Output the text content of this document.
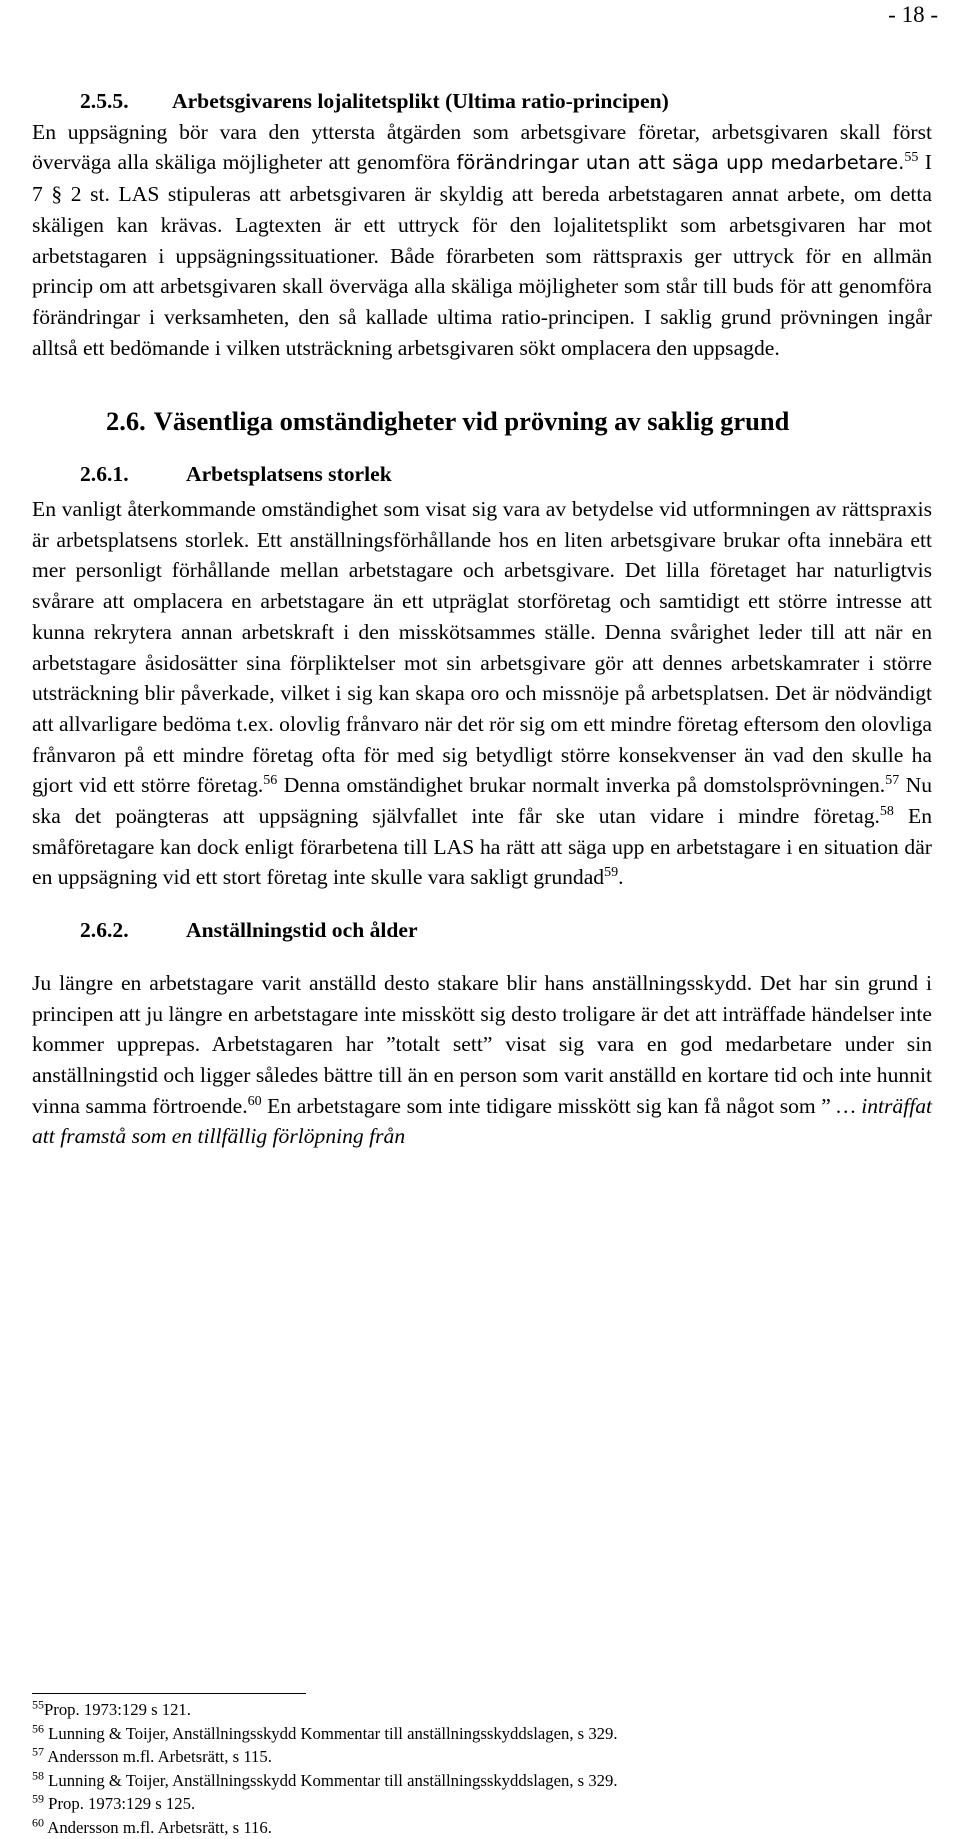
- 18 -
2.5.5. Arbetsgivarens lojalitetsplikt (Ultima ratio-principen)
En uppsägning bör vara den yttersta åtgärden som arbetsgivare företar, arbetsgivaren skall först överväga alla skäliga möjligheter att genomföra förändringar utan att säga upp medarbetare.$^{55}$ I 7 § 2 st. LAS stipuleras att arbetsgivaren är skyldig att bereda arbetstagaren annat arbete, om detta skäligen kan krävas. Lagtexten är ett uttryck för den lojalitetsplikt som arbetsgivaren har mot arbetstagaren i uppsägningssituationer. Både förarbeten som rättspraxis ger uttryck för en allmän princip om att arbetsgivaren skall överväga alla skäliga möjligheter som står till buds för att genomföra förändringar i verksamheten, den så kallade ultima ratio-principen. I saklig grund prövningen ingår alltså ett bedömande i vilken utsträckning arbetsgivaren sökt omplacera den uppsagde.
2.6. Väsentliga omständigheter vid prövning av saklig grund
2.6.1.	Arbetsplatsens storlek
En vanligt återkommande omständighet som visat sig vara av betydelse vid utformningen av rättspraxis är arbetsplatsens storlek. Ett anställningsförhållande hos en liten arbetsgivare brukar ofta innebära ett mer personligt förhållande mellan arbetstagare och arbetsgivare. Det lilla företaget har naturligtvis svårare att omplacera en arbetstagare än ett utpräglat storföretag och samtidigt ett större intresse att kunna rekrytera annan arbetskraft i den misskötsammes ställe. Denna svårighet leder till att när en arbetstagare åsidosätter sina förpliktelser mot sin arbetsgivare gör att dennes arbetskamrater i större utsträckning blir påverkade, vilket i sig kan skapa oro och missnöje på arbetsplatsen. Det är nödvändigt att allvarligare bedöma t.ex. olovlig frånvaro när det rör sig om ett mindre företag eftersom den olovliga frånvaron på ett mindre företag ofta för med sig betydligt större konsekvenser än vad den skulle ha gjort vid ett större företag.$^{56}$ Denna omständighet brukar normalt inverka på domstolsprövningen.$^{57}$ Nu ska det poängteras att uppsägning självfallet inte får ske utan vidare i mindre företag.$^{58}$ En småföretagare kan dock enligt förarbetena till LAS ha rätt att säga upp en arbetstagare i en situation där en uppsägning vid ett stort företag inte skulle vara sakligt grundad$^{59}$.
2.6.2.	Anställningstid och ålder
Ju längre en arbetstagare varit anställd desto stakare blir hans anställningsskydd. Det har sin grund i principen att ju längre en arbetstagare inte misskött sig desto troligare är det att inträffade händelser inte kommer upprepas. Arbetstagaren har ”totalt sett” visat sig vara en god medarbetare under sin anställningstid och ligger således bättre till än en person som varit anställd en kortare tid och inte hunnit vinna samma förtroende.$^{60}$ En arbetstagare som inte tidigare misskött sig kan få något som ” … inträffat att framstå som en tillfällig förlöpning från
$^{55}$Prop. 1973:129 s 121.
$^{56}$ Lunning & Toijer, Anställningsskydd Kommentar till anställningsskyddslagen, s 329.
$^{57}$ Andersson m.fl. Arbetsrätt, s 115.
$^{58}$ Lunning & Toijer, Anställningsskydd Kommentar till anställningsskyddslagen, s 329.
$^{59}$ Prop. 1973:129 s 125.
$^{60}$ Andersson m.fl. Arbetsrätt, s 116.
